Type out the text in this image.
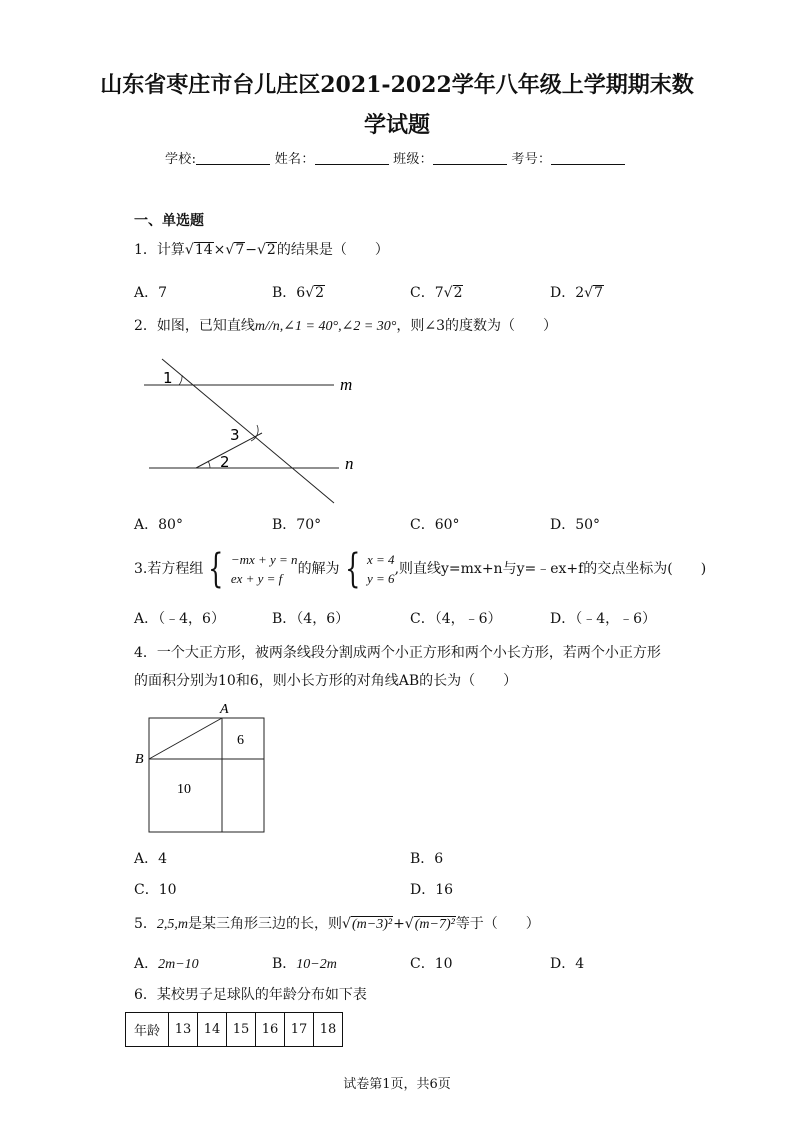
山东省枣庄市台儿庄区2021-2022学年八年级上学期期末数
学试题
学校:	姓名：	班级：	考号：
一、单选题
1．计算√14×√7−√2的结果是（　　）
A．7	B．6√2	C．7√2	D．2√7
2．如图，已知直线m//n,∠1 = 40°,∠2 = 30°，则∠3的度数为（　　）
1
2
3
m
n
A．80°	B．70°	C．60°	D．50°
3.若方程组 { −mx + y = n
ex + y = f
的解为 { x = 4
y = 6
,则直线y=mx+n与y=﹣ex+f的交点坐标为(　　)
A．（﹣4，6）	B．（4，6）	C．（4，﹣6）	D．（﹣4，﹣6）
4．一个大正方形，被两条线段分割成两个小正方形和两个小长方形，若两个小正方形
的面积分别为10和6，则小长方形的对角线AB的长为（　　）
A
B
6
10
A．4	B．6
C．10	D．16
5．2,5,m是某三角形三边的长，则√(m−3)²+√(m−7)²等于（　　）
A．2m−10	B．10−2m	C．10	D．4
6．某校男子足球队的年龄分布如下表
年龄	13	14	15	16	17	18
试卷第1页，共6页
